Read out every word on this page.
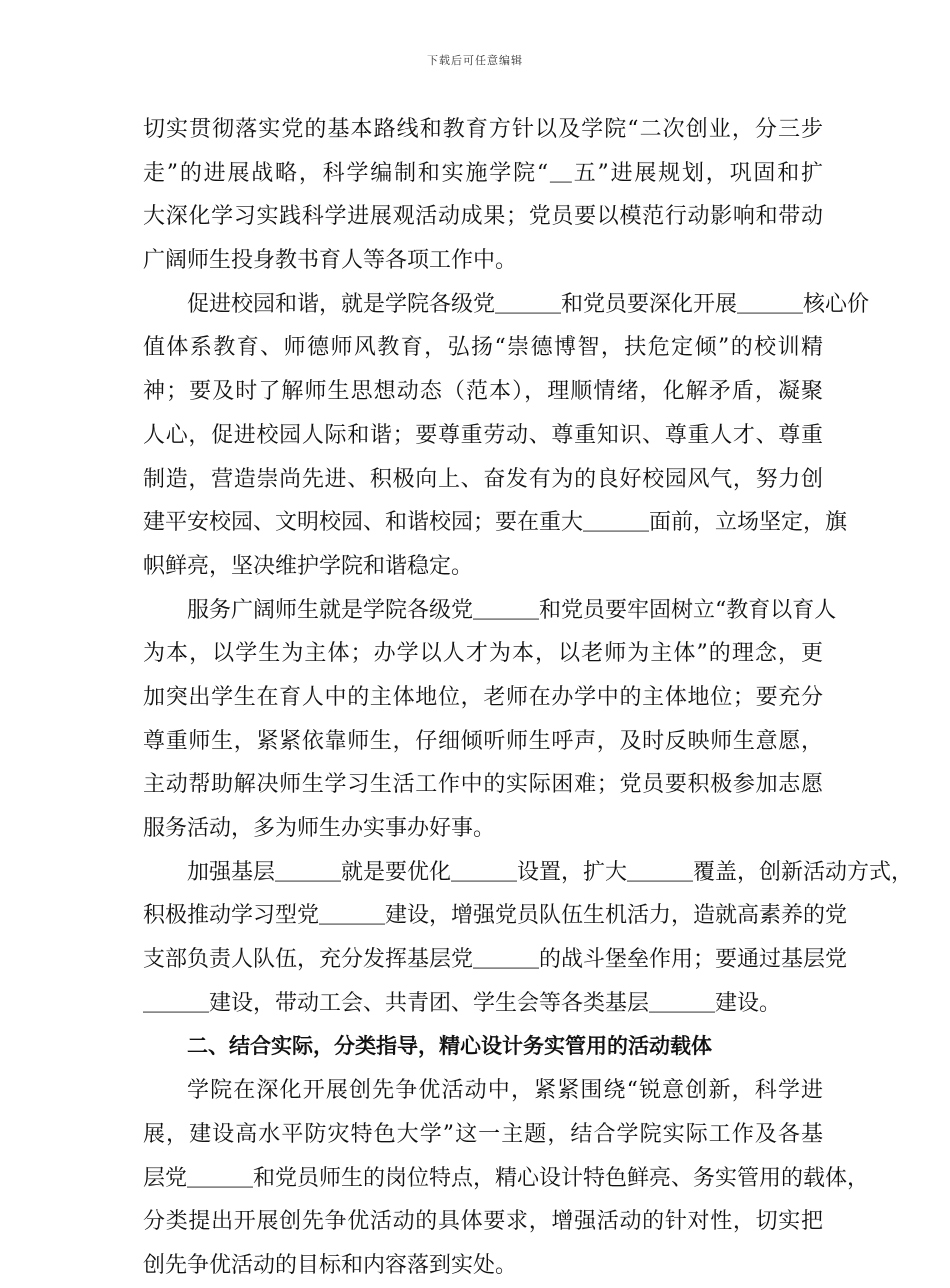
下载后可任意编辑
切实贯彻落实党的基本路线和教育方针以及学院“二次创业，分三步
走”的进展战略，科学编制和实施学院“＿五”进展规划，巩固和扩
大深化学习实践科学进展观活动成果；党员要以模范行动影响和带动
广阔师生投身教书育人等各项工作中。
促进校园和谐，就是学院各级党＿＿＿和党员要深化开展＿＿＿核心价
值体系教育、师德师风教育，弘扬“崇德博智，扶危定倾”的校训精
神；要及时了解师生思想动态（范本），理顺情绪，化解矛盾，凝聚
人心，促进校园人际和谐；要尊重劳动、尊重知识、尊重人才、尊重
制造，营造崇尚先进、积极向上、奋发有为的良好校园风气，努力创
建平安校园、文明校园、和谐校园；要在重大＿＿＿面前，立场坚定，旗
帜鲜亮，坚决维护学院和谐稳定。
服务广阔师生就是学院各级党＿＿＿和党员要牢固树立“教育以育人
为本，以学生为主体；办学以人才为本，以老师为主体”的理念，更
加突出学生在育人中的主体地位，老师在办学中的主体地位；要充分
尊重师生，紧紧依靠师生，仔细倾听师生呼声，及时反映师生意愿，
主动帮助解决师生学习生活工作中的实际困难；党员要积极参加志愿
服务活动，多为师生办实事办好事。
加强基层＿＿＿就是要优化＿＿＿设置，扩大＿＿＿覆盖，创新活动方式，
积极推动学习型党＿＿＿建设，增强党员队伍生机活力，造就高素养的党
支部负责人队伍，充分发挥基层党＿＿＿的战斗堡垒作用；要通过基层党
＿＿＿建设，带动工会、共青团、学生会等各类基层＿＿＿建设。
二、结合实际，分类指导，精心设计务实管用的活动载体
学院在深化开展创先争优活动中，紧紧围绕“锐意创新，科学进
展，建设高水平防灾特色大学”这一主题，结合学院实际工作及各基
层党＿＿＿和党员师生的岗位特点，精心设计特色鲜亮、务实管用的载体，
分类提出开展创先争优活动的具体要求，增强活动的针对性，切实把
创先争优活动的目标和内容落到实处。
